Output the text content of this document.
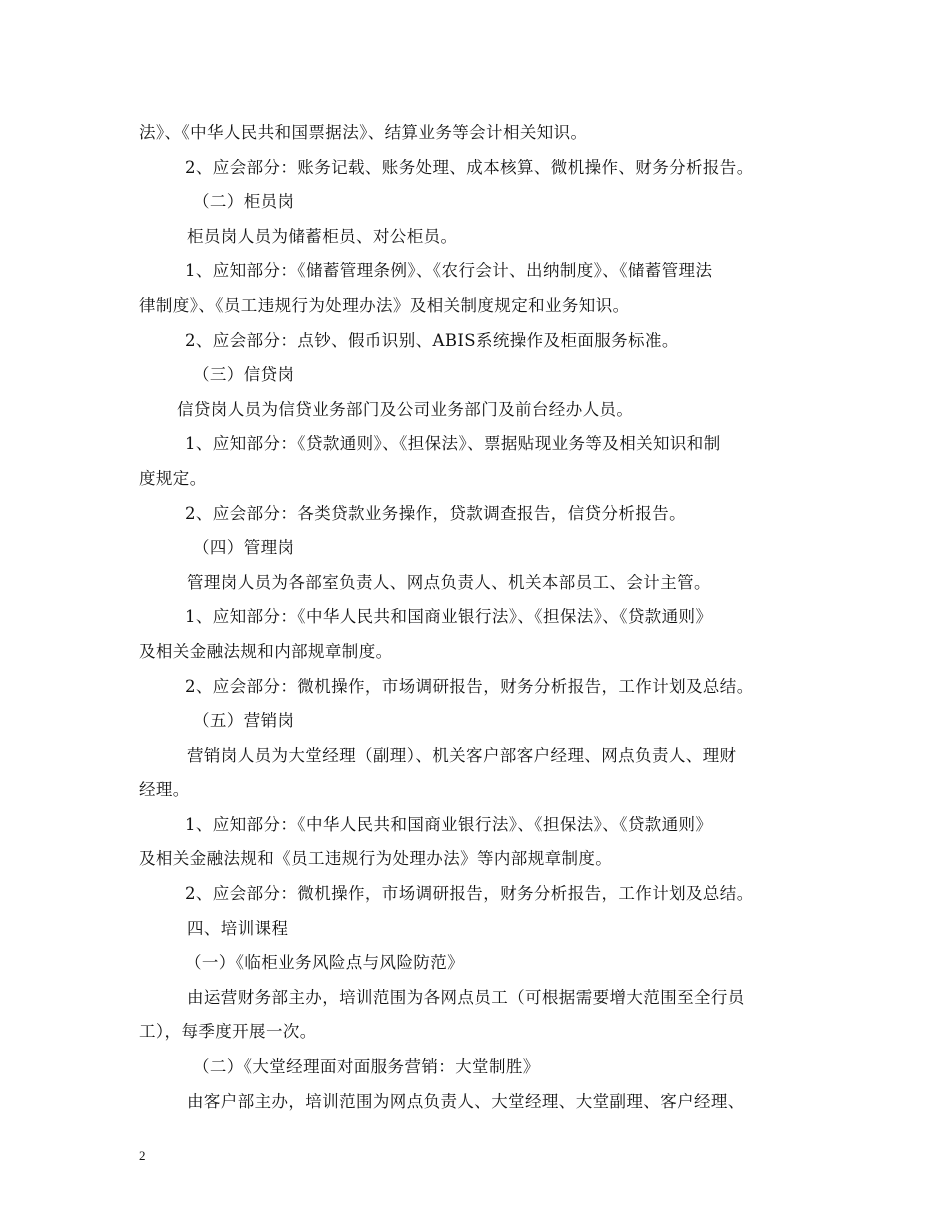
法》、《中华人民共和国票据法》、结算业务等会计相关知识。
2、应会部分：账务记载、账务处理、成本核算、微机操作、财务分析报告。
（二）柜员岗
柜员岗人员为储蓄柜员、对公柜员。
1、应知部分：《储蓄管理条例》、《农行会计、出纳制度》、《储蓄管理法
律制度》、《员工违规行为处理办法》及相关制度规定和业务知识。
2、应会部分：点钞、假币识别、ABIS系统操作及柜面服务标准。
（三）信贷岗
信贷岗人员为信贷业务部门及公司业务部门及前台经办人员。
1、应知部分：《贷款通则》、《担保法》、票据贴现业务等及相关知识和制
度规定。
2、应会部分：各类贷款业务操作，贷款调查报告，信贷分析报告。
（四）管理岗
管理岗人员为各部室负责人、网点负责人、机关本部员工、会计主管。
1、应知部分：《中华人民共和国商业银行法》、《担保法》、《贷款通则》
及相关金融法规和内部规章制度。
2、应会部分：微机操作，市场调研报告，财务分析报告，工作计划及总结。
（五）营销岗
营销岗人员为大堂经理（副理）、机关客户部客户经理、网点负责人、理财
经理。
1、应知部分：《中华人民共和国商业银行法》、《担保法》、《贷款通则》
及相关金融法规和《员工违规行为处理办法》等内部规章制度。
2、应会部分：微机操作，市场调研报告，财务分析报告，工作计划及总结。
四、培训课程
（一）《临柜业务风险点与风险防范》
由运营财务部主办，培训范围为各网点员工（可根据需要增大范围至全行员
工），每季度开展一次。
（二）《大堂经理面对面服务营销：大堂制胜》
由客户部主办，培训范围为网点负责人、大堂经理、大堂副理、客户经理、
2
